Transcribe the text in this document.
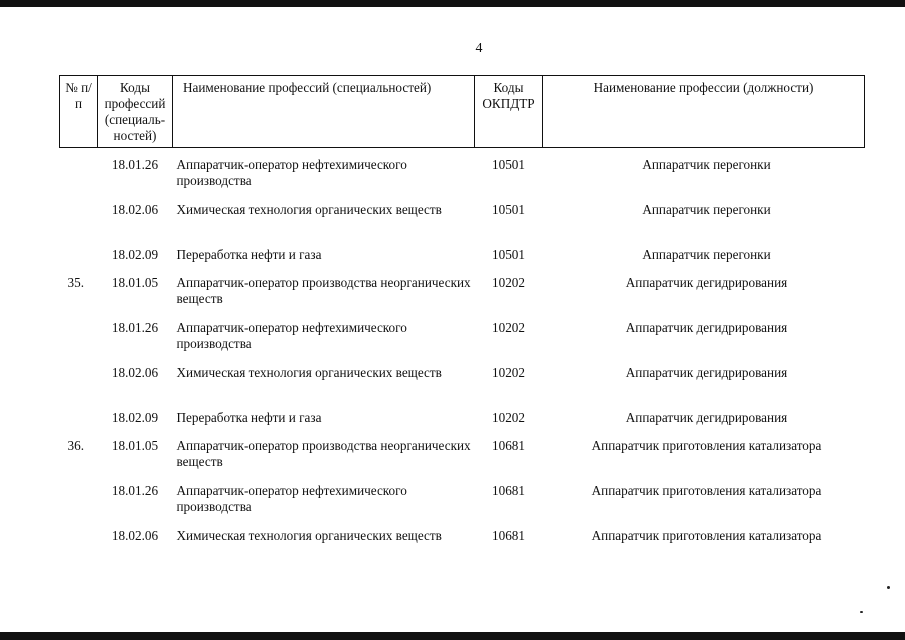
4
№ п/п	Коды профессий (специаль-ностей)	Наименование профессий (специальностей)	Коды ОКПДТР	Наименование профессии (должности)
	18.01.26	Аппаратчик-оператор нефтехимического производства	10501	Аппаратчик перегонки
	18.02.06	Химическая технология органических веществ	10501	Аппаратчик перегонки
	18.02.09	Переработка нефти и газа	10501	Аппаратчик перегонки
35.	18.01.05	Аппаратчик-оператор производства неорганических веществ	10202	Аппаратчик дегидрирования
	18.01.26	Аппаратчик-оператор нефтехимического производства	10202	Аппаратчик дегидрирования
	18.02.06	Химическая технология органических веществ	10202	Аппаратчик дегидрирования
	18.02.09	Переработка нефти и газа	10202	Аппаратчик дегидрирования
36.	18.01.05	Аппаратчик-оператор производства неорганических веществ	10681	Аппаратчик приготовления катализатора
	18.01.26	Аппаратчик-оператор нефтехимического производства	10681	Аппаратчик приготовления катализатора
	18.02.06	Химическая технология органических веществ	10681	Аппаратчик приготовления катализатора
